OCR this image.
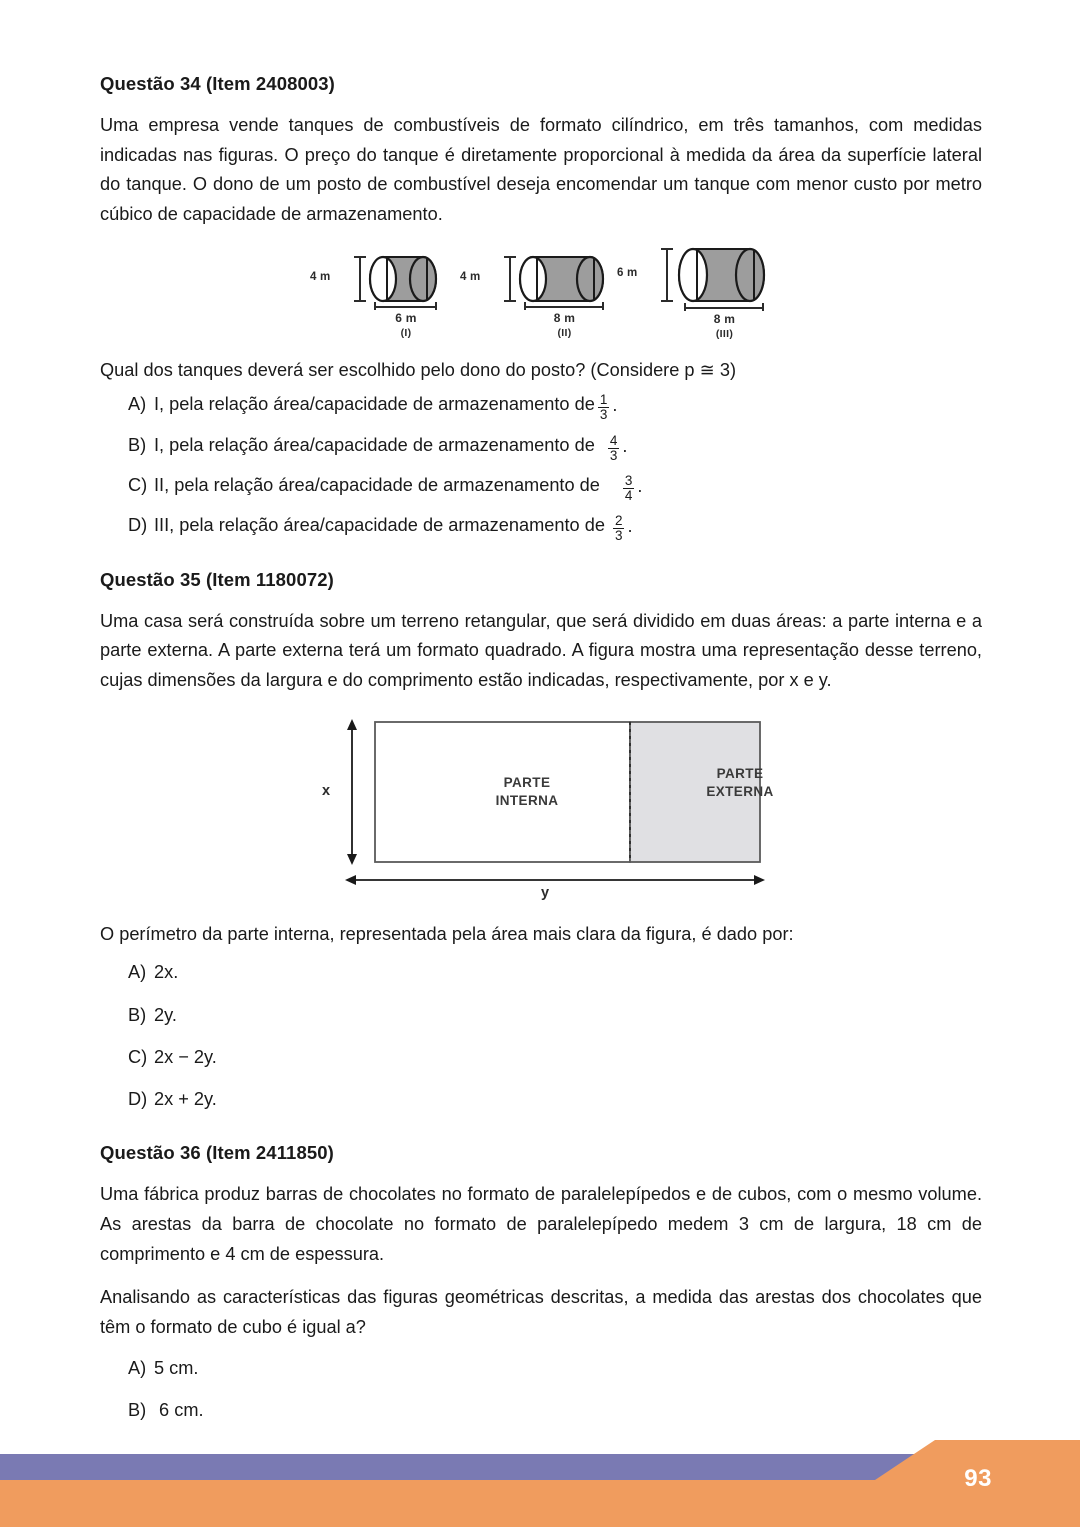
Questão 34 (Item 2408003)

Uma empresa vende tanques de combustíveis de formato cilíndrico, em três tamanhos, com medidas indicadas nas figuras. O preço do tanque é diretamente proporcional à medida da área da superfície lateral do tanque. O dono de um posto de combustível deseja encomendar um tanque com menor custo por metro cúbico de capacidade de armazenamento.

4 m
6 m
(I)
4 m
8 m
(II)
6 m
8 m
(III)

Qual dos tanques deverá ser escolhido pelo dono do posto? (Considere p ≅ 3)

A) I, pela relação área/capacidade de armazenamento de $\frac{1}{3}$ .
B) I, pela relação área/capacidade de armazenamento de $\frac{4}{3}$ .
C) II, pela relação área/capacidade de armazenamento de $\frac{3}{4}$ .
D) III, pela relação área/capacidade de armazenamento de $\frac{2}{3}$ .
Questão 35 (Item 1180072)

Uma casa será construída sobre um terreno retangular, que será dividido em duas áreas: a parte interna e a parte externa. A parte externa terá um formato quadrado. A figura mostra uma representação desse terreno, cujas dimensões da largura e do comprimento estão indicadas, respectivamente, por x e y.

PARTE
INTERNA
PARTE
EXTERNA
x
y

O perímetro da parte interna, representada pela área mais clara da figura, é dado por:

A) 2x.
B) 2y.
C) 2x − 2y.
D) 2x + 2y.
Questão 36 (Item 2411850)

Uma fábrica produz barras de chocolates no formato de paralelepípedos e de cubos, com o mesmo volume. As arestas da barra de chocolate no formato de paralelepípedo medem 3 cm de largura, 18 cm de comprimento e 4 cm de espessura.

Analisando as características das figuras geométricas descritas, a medida das arestas dos chocolates que têm o formato de cubo é igual a?

A) 5 cm.
B) 6 cm.
93
